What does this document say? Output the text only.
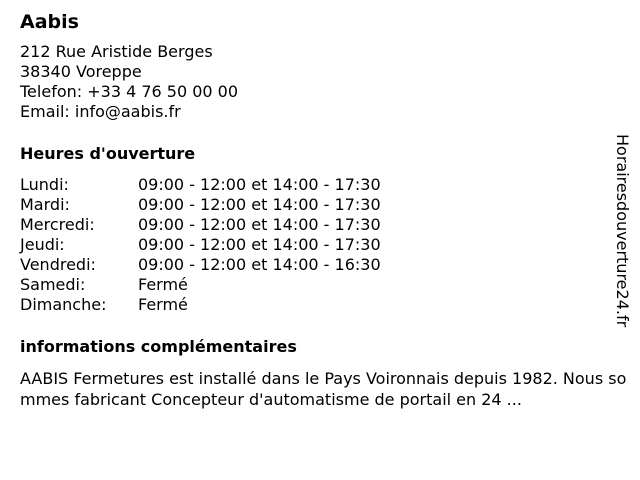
Aabis
212 Rue Aristide Berges
38340 Voreppe
Telefon: +33 4 76 50 00 00
Email: info@aabis.fr
Heures d'ouverture
Lundi:	09:00 - 12:00 et 14:00 - 17:30
Mardi:	09:00 - 12:00 et 14:00 - 17:30
Mercredi:	09:00 - 12:00 et 14:00 - 17:30
Jeudi:	09:00 - 12:00 et 14:00 - 17:30
Vendredi:	09:00 - 12:00 et 14:00 - 16:30
Samedi:	Fermé
Dimanche:	Fermé
informations complémentaires
AABIS Fermetures est installé dans le Pays Voironnais depuis 1982. Nous sommes fabricant Concepteur d'automatisme de portail en 24 ...
Horairesdouverture24.fr
